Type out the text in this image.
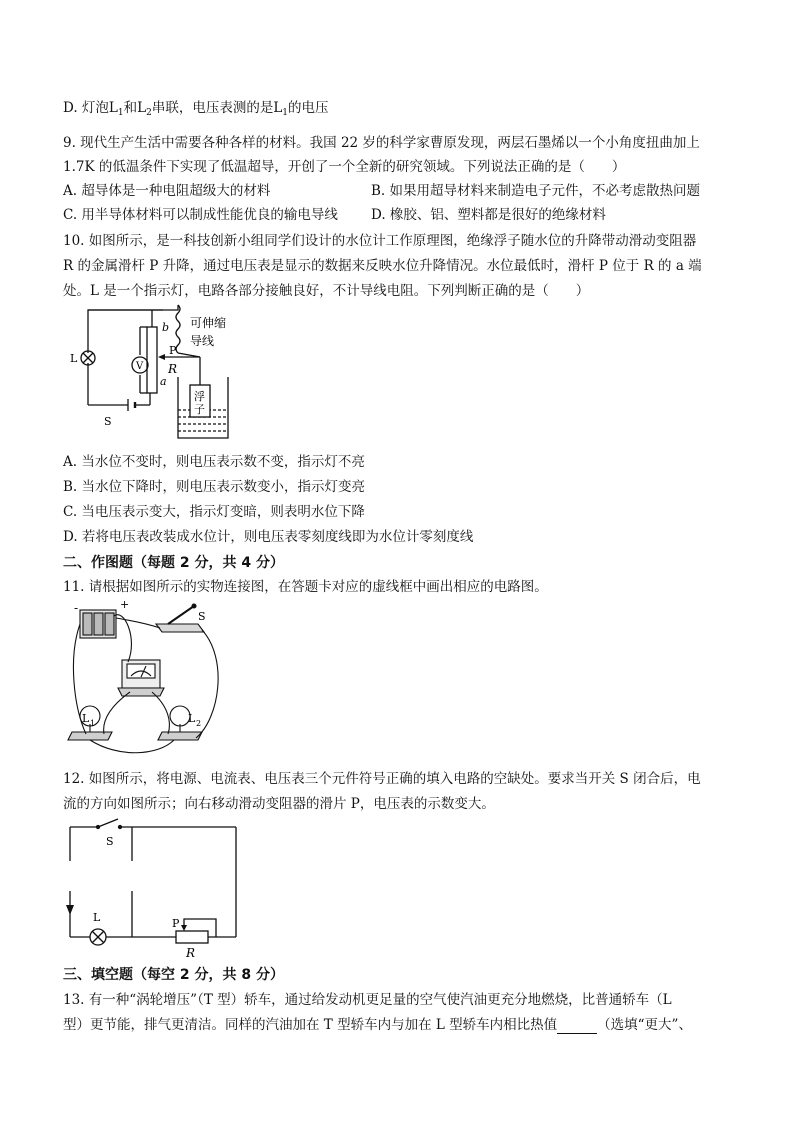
D. 灯泡$L_1$和$L_2$串联，电压表测的是$L_1$的电压
9. 现代生产生活中需要各种各样的材料。我国 22 岁的科学家曹原发现，两层石墨烯以一个小角度扭曲加上
1.7K 的低温条件下实现了低温超导，开创了一个全新的研究领域。下列说法正确的是（　　）
A. 超导体是一种电阻超级大的材料	B. 如果用超导材料来制造电子元件，不必考虑散热问题
C. 用半导体材料可以制成性能优良的输电导线 D. 橡胶、铝、塑料都是很好的绝缘材料
10. 如图所示，是一科技创新小组同学们设计的水位计工作原理图，绝缘浮子随水位的升降带动滑动变阻器
R 的金属滑杆 P 升降，通过电压表是显示的数据来反映水位升降情况。水位最低时，滑杆 P 位于 R 的 a 端
处。L 是一个指示灯，电路各部分接触良好，不计导线电阻。下列判断正确的是（　　）
L
V
b
P
R
a
S
可伸缩
导线
浮
子
A. 当水位不变时，则电压表示数不变，指示灯不亮
B. 当水位下降时，则电压表示数变小，指示灯变亮
C. 当电压表示变大，指示灯变暗，则表明水位下降
D. 若将电压表改装成水位计，则电压表零刻度线即为水位计零刻度线
二、作图题（每题 2 分，共 4 分）
11. 请根据如图所示的实物连接图，在答题卡对应的虚线框中画出相应的电路图。
-	+
S
L 1	L 2
12. 如图所示，将电源、电流表、电压表三个元件符号正确的填入电路的空缺处。要求当开关 S 闭合后，电
流的方向如图所示；向右移动滑动变阻器的滑片 P，电压表的示数变大。
S
L	P
R
三、填空题（每空 2 分，共 8 分）
13. 有一种“涡轮增压”（T 型）轿车，通过给发动机更足量的空气使汽油更充分地燃烧，比普通轿车（L
型）更节能，排气更清洁。同样的汽油加在 T 型轿车内与加在 L 型轿车内相比热值	（选填“更大”、
